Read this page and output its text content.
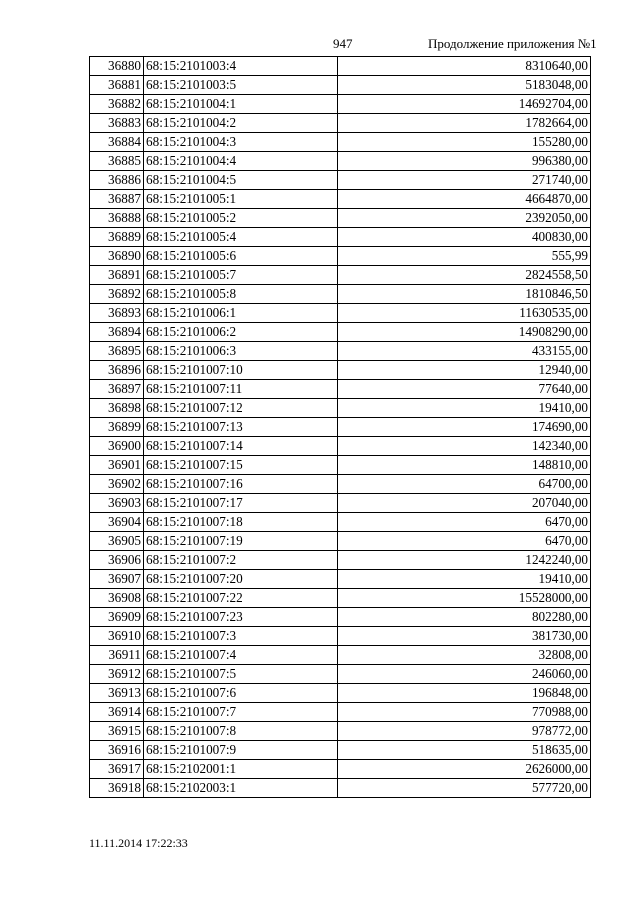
947	Продолжение приложения №1
36880	68:15:2101003:4	8310640,00
36881	68:15:2101003:5	5183048,00
36882	68:15:2101004:1	14692704,00
36883	68:15:2101004:2	1782664,00
36884	68:15:2101004:3	155280,00
36885	68:15:2101004:4	996380,00
36886	68:15:2101004:5	271740,00
36887	68:15:2101005:1	4664870,00
36888	68:15:2101005:2	2392050,00
36889	68:15:2101005:4	400830,00
36890	68:15:2101005:6	555,99
36891	68:15:2101005:7	2824558,50
36892	68:15:2101005:8	1810846,50
36893	68:15:2101006:1	11630535,00
36894	68:15:2101006:2	14908290,00
36895	68:15:2101006:3	433155,00
36896	68:15:2101007:10	12940,00
36897	68:15:2101007:11	77640,00
36898	68:15:2101007:12	19410,00
36899	68:15:2101007:13	174690,00
36900	68:15:2101007:14	142340,00
36901	68:15:2101007:15	148810,00
36902	68:15:2101007:16	64700,00
36903	68:15:2101007:17	207040,00
36904	68:15:2101007:18	6470,00
36905	68:15:2101007:19	6470,00
36906	68:15:2101007:2	1242240,00
36907	68:15:2101007:20	19410,00
36908	68:15:2101007:22	15528000,00
36909	68:15:2101007:23	802280,00
36910	68:15:2101007:3	381730,00
36911	68:15:2101007:4	32808,00
36912	68:15:2101007:5	246060,00
36913	68:15:2101007:6	196848,00
36914	68:15:2101007:7	770988,00
36915	68:15:2101007:8	978772,00
36916	68:15:2101007:9	518635,00
36917	68:15:2102001:1	2626000,00
36918	68:15:2102003:1	577720,00
11.11.2014 17:22:33
